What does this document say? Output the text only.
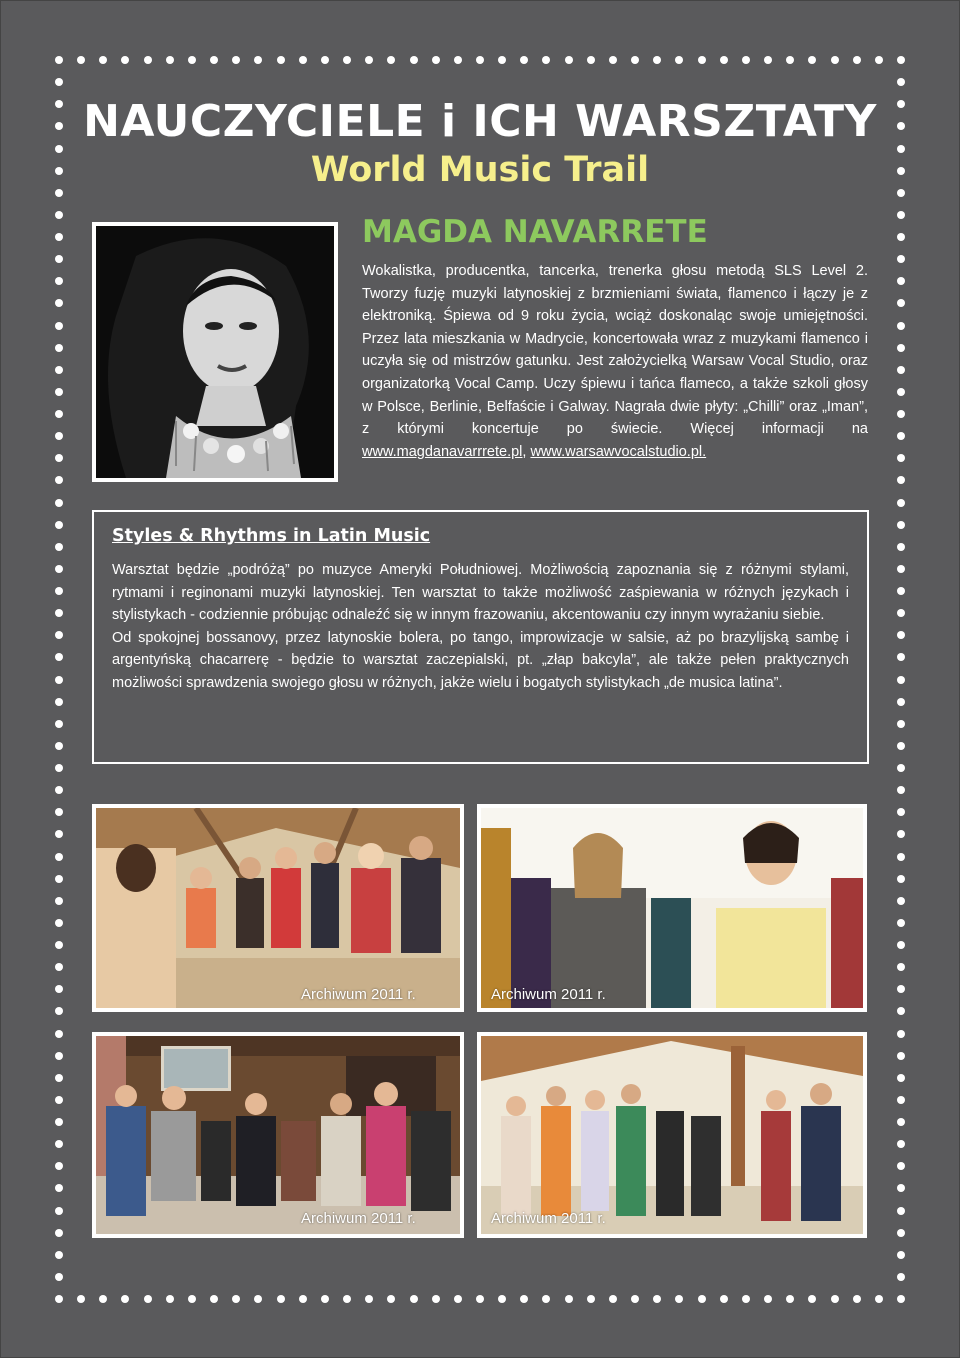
NAUCZYCIELE i ICH WARSZTATY
World Music Trail
MAGDA NAVARRETE

Wokalistka, producentka, tancerka, trenerka głosu metodą SLS Level 2. Tworzy fuzję muzyki latynoskiej z brzmieniami świata, flamenco i łączy je z elektroniką. Śpiewa od 9 roku życia, wciąż doskonaląc swoje umiejętności. Przez lata mieszkania w Madrycie, koncertowała wraz z muzykami flamenco i uczyła się od mistrzów gatunku. Jest założycielką Warsaw Vocal Studio, oraz organizatorką Vocal Camp. Uczy śpiewu i tańca flameco, a także szkoli głosy w Polsce, Berlinie, Belfaście i Galway. Nagrała dwie płyty: „Chilli” oraz „Iman”, z którymi koncertuje po świecie. Więcej informacji na www.magdanavarrrete.pl, www.warsawvocalstudio.pl.

Styles & Rhythms in Latin Music

Warsztat będzie „podróżą” po muzyce Ameryki Południowej. Możliwością zapoznania się z różnymi stylami, rytmami i reginonami muzyki latynoskiej. Ten warsztat to także możliwość zaśpiewania w różnych językach i stylistykach - codziennie próbując odnaleźć się w innym frazowaniu, akcentowaniu czy innym wyrażaniu siebie.

Od spokojnej bossanovy, przez latynoskie bolera, po tango, improwizacje w salsie, aż po brazylijską sambę i argentyńską chacarrerę - będzie to warsztat zaczepialski, pt. „złap bakcyla”, ale także pełen praktycznych możliwości sprawdzenia swojego głosu w różnych, jakże wielu i bogatych stylistykach „de musica latina”.

Archiwum 2011 r.	Archiwum 2011 r.
Archiwum 2011 r.	Archiwum 2011 r.
